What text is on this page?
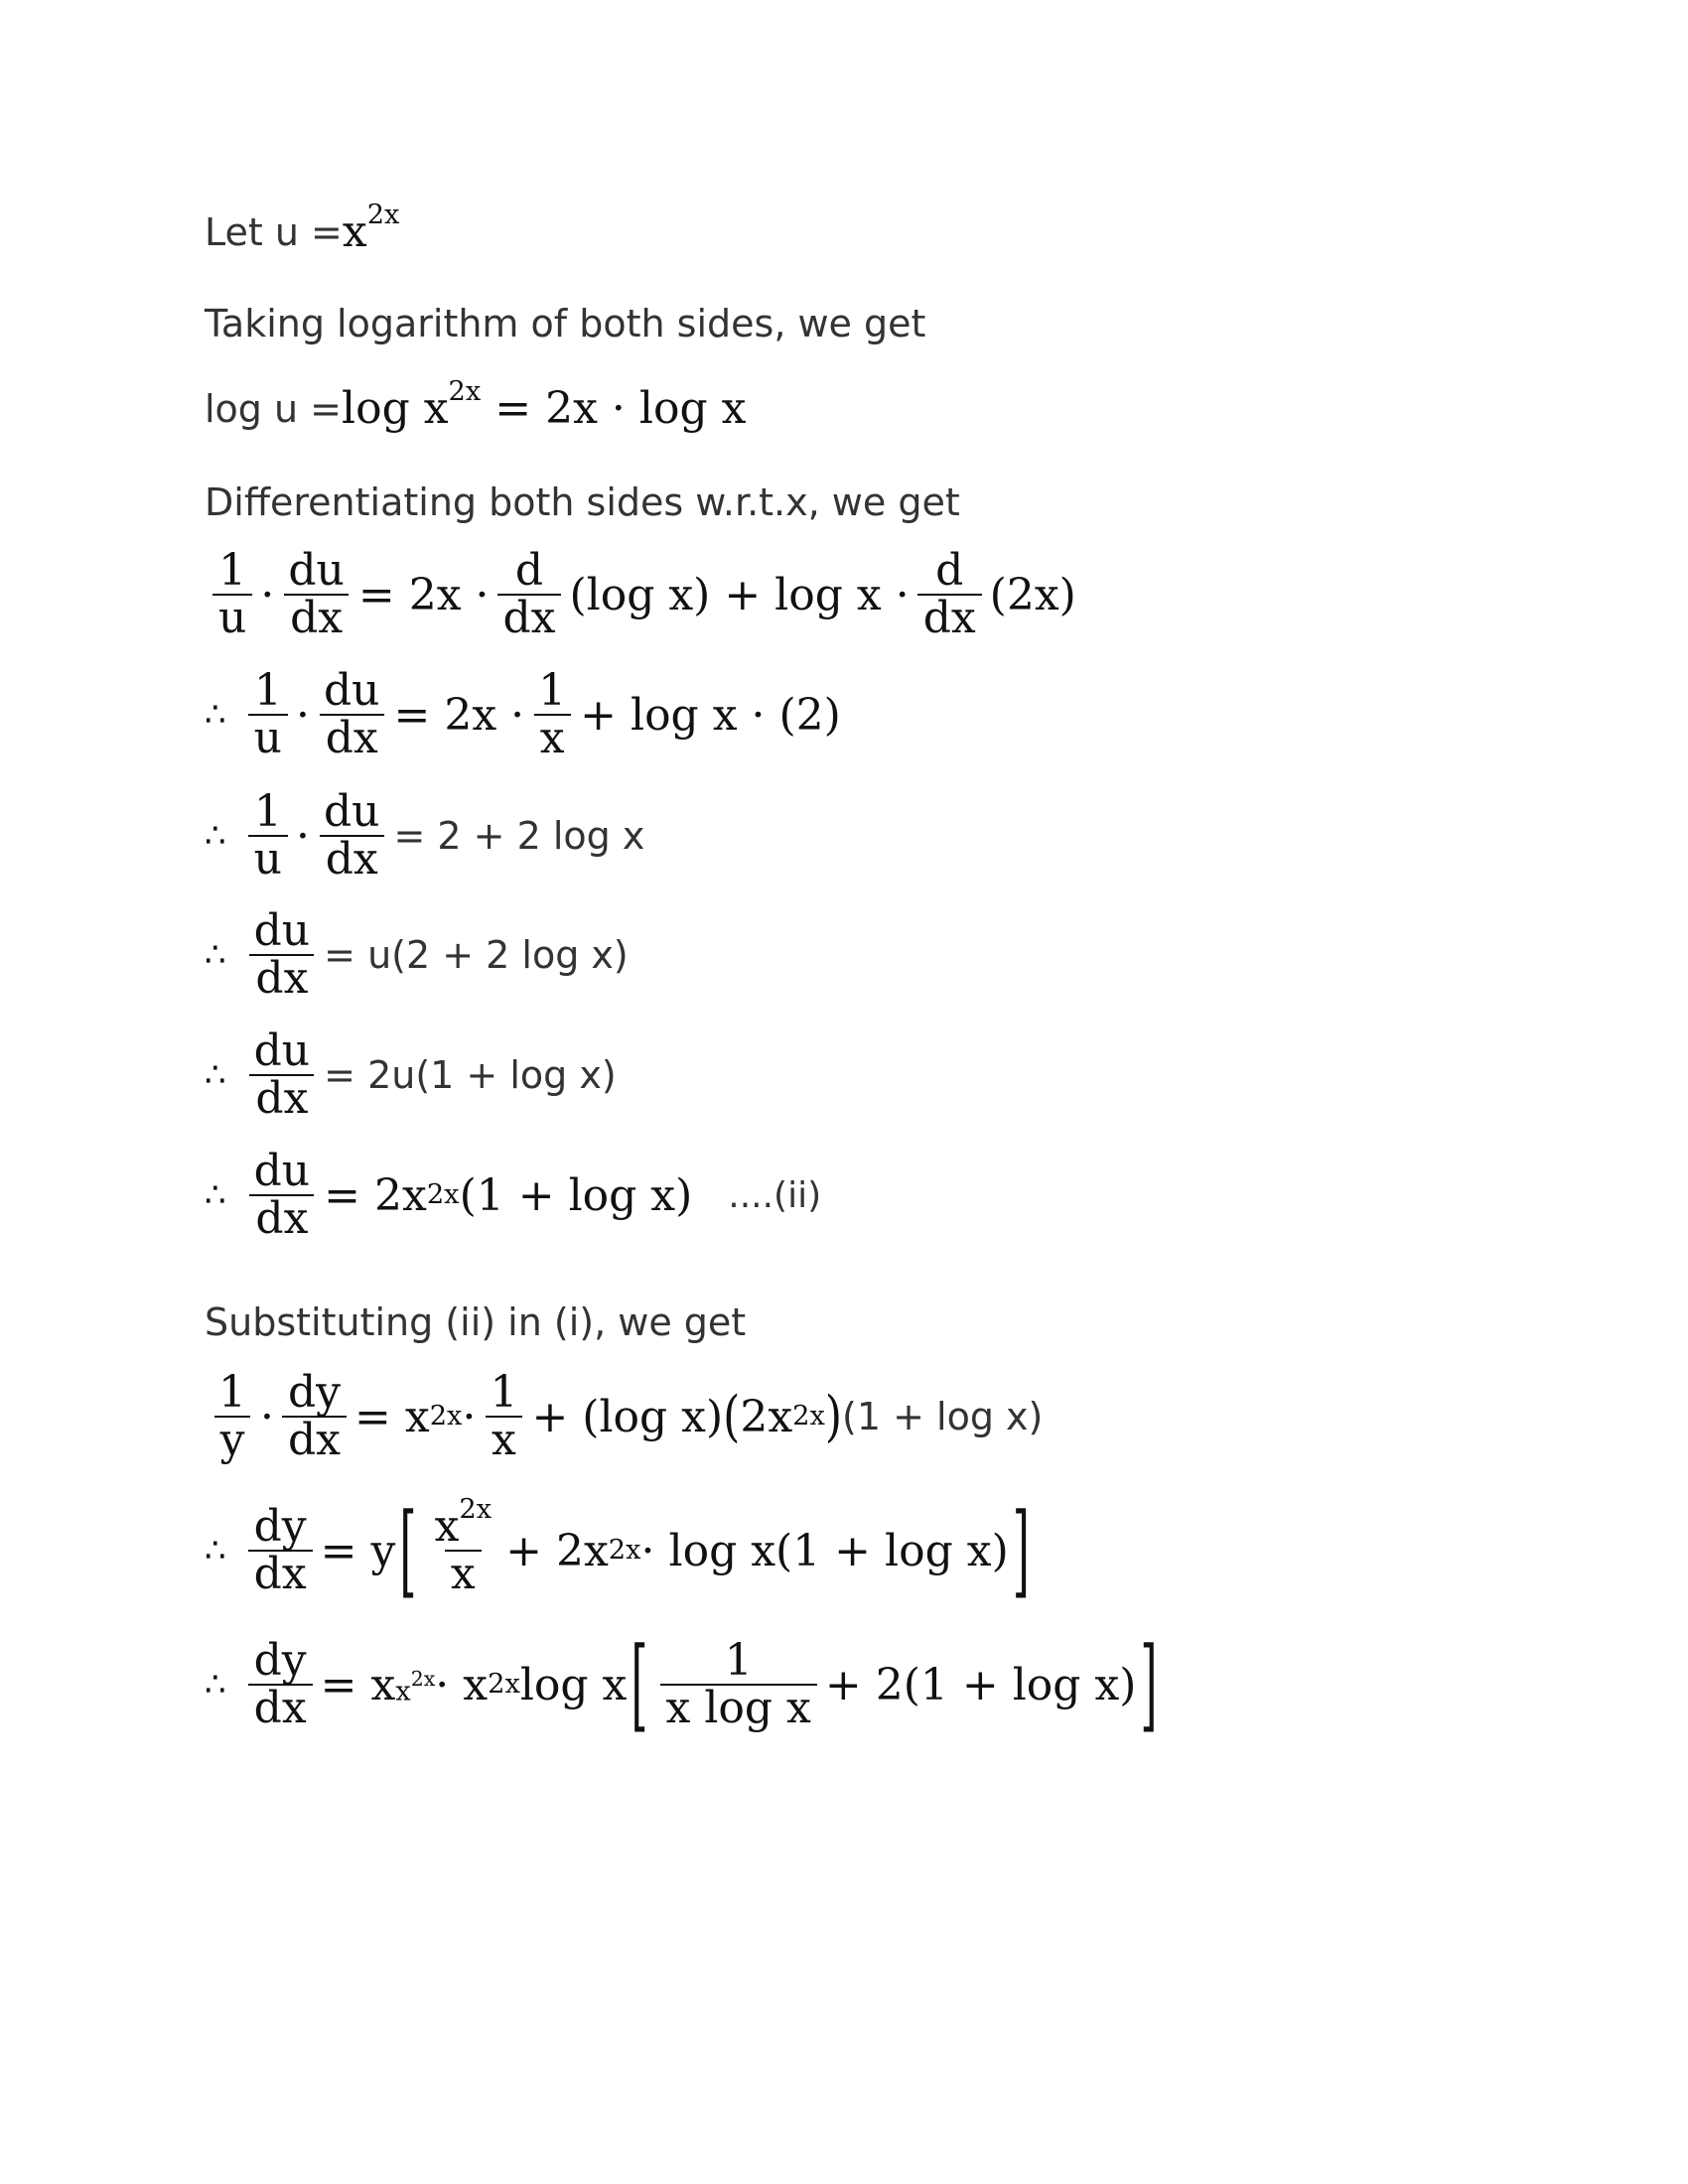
Let $u = x^{2x}$
Taking logarithm of both sides, we get
$\log u = \log x^{2x} = 2x \cdot \log x$
Differentiating both sides w.r.t.x, we get
$\frac{1}{u} \cdot \frac{du}{dx} = 2x \cdot \frac{d}{dx} (\log$ $x) + \log x \cdot \frac{d}{dx} (2x)$
∴ $\frac{1}{u} \cdot \frac{du}{dx} = 2x \cdot \frac{1}{x} + \log x \cdot (2)$
∴ $\frac{1}{u} \cdot \frac{du}{dx} = 2 + 2$ log x
∴ $\frac{du}{dx} = u(2 + 2$ log x)
∴ $\frac{du}{dx} = 2u(1 + \log x)$
∴ $\frac{du}{dx} = 2x$ 2x (1 + log x) ....(ii)
Substituting (ii) in (i), we get
$\frac{1}{y} \cdot \frac{dy}{dx} = x$ $2x \cdot \frac{1}{x} + (\log$ x) ( 2x 2x ) (1 + log x)
∴ $\frac{dy}{dx} = y$ [ $\frac{x^{2x}}{x} + 2x$ 2x · log x(1 + log x) ]
∴ $\frac{dy}{dx} = x$ $x^{2x} \cdot x$ 2x log x [ $\frac{1}{\text{x log x}} + 2(1 + \log x)$ ]
